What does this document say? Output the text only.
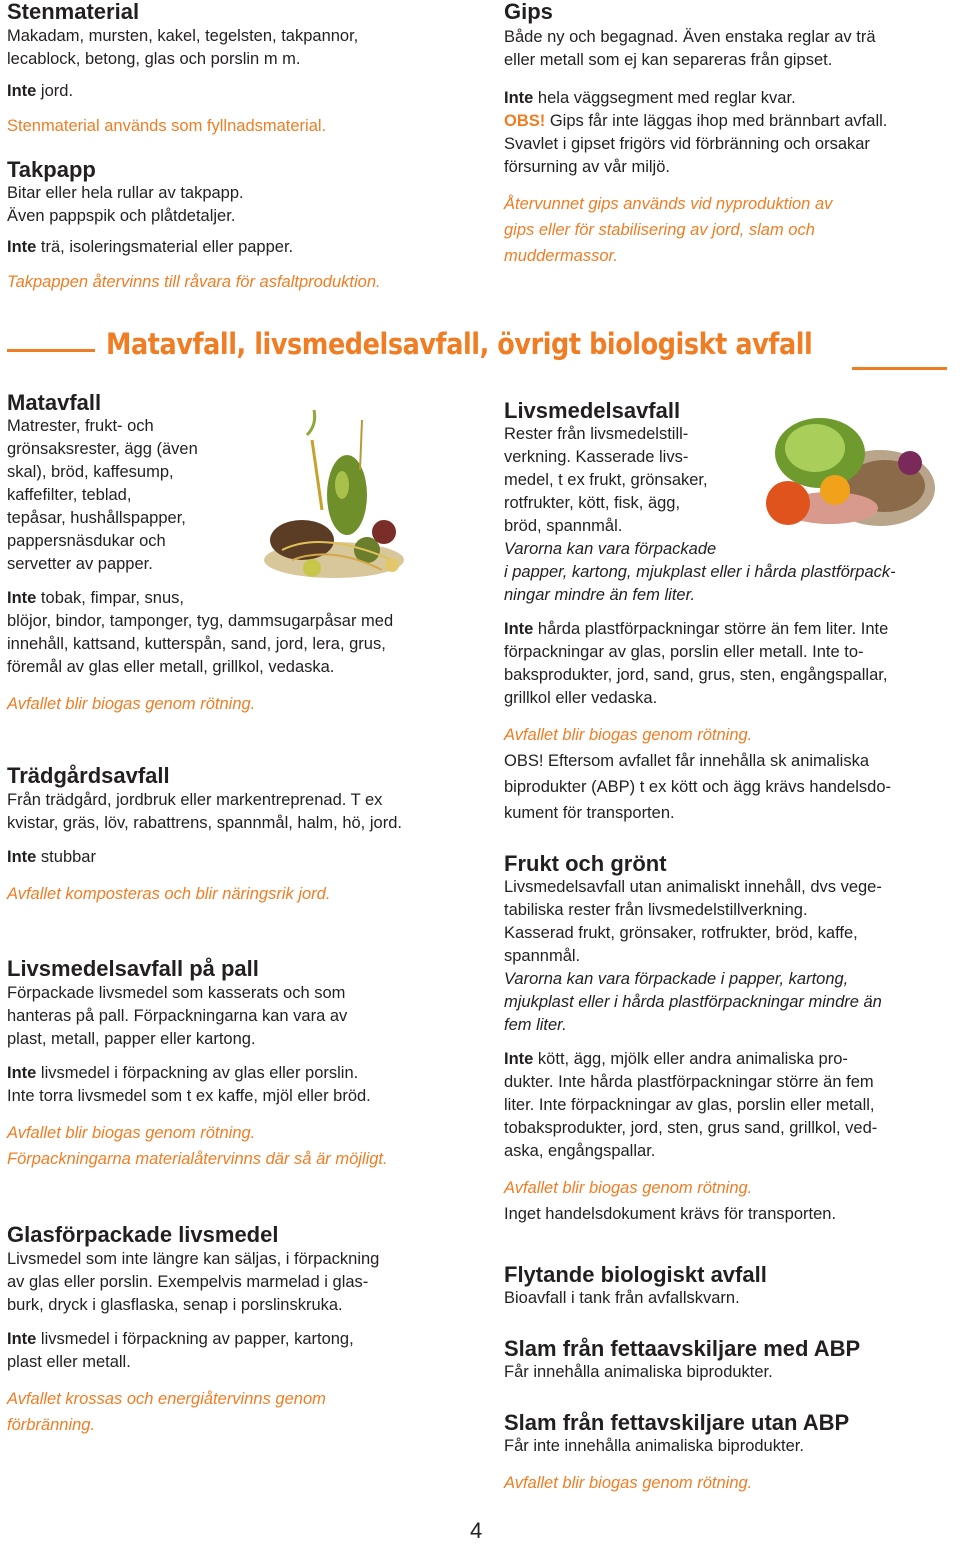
Stenmaterial

Makadam, mursten, kakel, tegelsten, takpannor,

lecablock, betong, glas och porslin m m.

Inte jord.

Stenmaterial används som fyllnadsmaterial.

Takpapp

Bitar eller hela rullar av takpapp.

Även pappspik och plåtdetaljer.

Inte trä, isoleringsmaterial eller papper.

Takpappen återvinns till råvara för asfaltproduktion.

Gips

Både ny och begagnad. Även enstaka reglar av trä

eller metall som ej kan separeras från gipset.

Inte hela väggsegment med reglar kvar.

OBS! Gips får inte läggas ihop med brännbart avfall.

Svavlet i gipset frigörs vid förbränning och orsakar

försurning av vår miljö.

Återvunnet gips används vid nyproduktion av

gips eller för stabilisering av jord, slam och

muddermassor.

Matavfall, livsmedelsavfall, övrigt biologiskt avfall
Matavfall

Matrester, frukt- och

grönsaksrester, ägg (även

skal), bröd, kaffesump,

kaffefilter, teblad,

tepåsar, hushållspapper,

pappersnäsdukar och

servetter av papper.

Inte tobak, fimpar, snus,

blöjor, bindor, tamponger, tyg, dammsugarpåsar med

innehåll, kattsand, kutterspån, sand, jord, lera, grus,

föremål av glas eller metall, grillkol, vedaska.

Avfallet blir biogas genom rötning.

Trädgårdsavfall

Från trädgård, jordbruk eller markentreprenad. T ex

kvistar, gräs, löv, rabattrens, spannmål, halm, hö, jord.

Inte stubbar

Avfallet komposteras och blir näringsrik jord.

Livsmedelsavfall på pall

Förpackade livsmedel som kasserats och som

hanteras på pall. Förpackningarna kan vara av

plast, metall, papper eller kartong.

Inte livsmedel i förpackning av glas eller porslin.

Inte torra livsmedel som t ex kaffe, mjöl eller bröd.

Avfallet blir biogas genom rötning.

Förpackningarna materialåtervinns där så är möjligt.

Glasförpackade livsmedel

Livsmedel som inte längre kan säljas, i förpackning

av glas eller porslin. Exempelvis marmelad i glas-

burk, dryck i glasflaska, senap i porslinskruka.

Inte livsmedel i förpackning av papper, kartong,

plast eller metall.

Avfallet krossas och energiåtervinns genom

förbränning.

Livsmedelsavfall

Rester från livsmedelstill-

verkning. Kasserade livs-

medel, t ex frukt, grönsaker,

rotfrukter, kött, fisk, ägg,

bröd, spannmål.

Varorna kan vara förpackade

i papper, kartong, mjukplast eller i hårda plastförpack-

ningar mindre än fem liter.

Inte hårda plastförpackningar större än fem liter. Inte

förpackningar av glas, porslin eller metall. Inte to-

baksprodukter, jord, sand, grus, sten, engångspallar,

grillkol eller vedaska.

Avfallet blir biogas genom rötning.

OBS! Eftersom avfallet får innehålla sk animaliska

biprodukter (ABP) t ex kött och ägg krävs handelsdo-

kument för transporten.

Frukt och grönt

Livsmedelsavfall utan animaliskt innehåll, dvs vege-

tabiliska rester från livsmedelstillverkning.

Kasserad frukt, grönsaker, rotfrukter, bröd, kaffe,

spannmål.

Varorna kan vara förpackade i papper, kartong,

mjukplast eller i hårda plastförpackningar mindre än

fem liter.

Inte kött, ägg, mjölk eller andra animaliska pro-

dukter. Inte hårda plastförpackningar större än fem

liter. Inte förpackningar av glas, porslin eller metall,

tobaksprodukter, jord, sten, grus sand, grillkol, ved-

aska, engångspallar.

Avfallet blir biogas genom rötning.

Inget handelsdokument krävs för transporten.

Flytande biologiskt avfall

Bioavfall i tank från avfallskvarn.

Slam från fettaavskiljare med ABP

Får innehålla animaliska biprodukter.

Slam från fettavskiljare utan ABP

Får inte innehålla animaliska biprodukter.

Avfallet blir biogas genom rötning.

4
